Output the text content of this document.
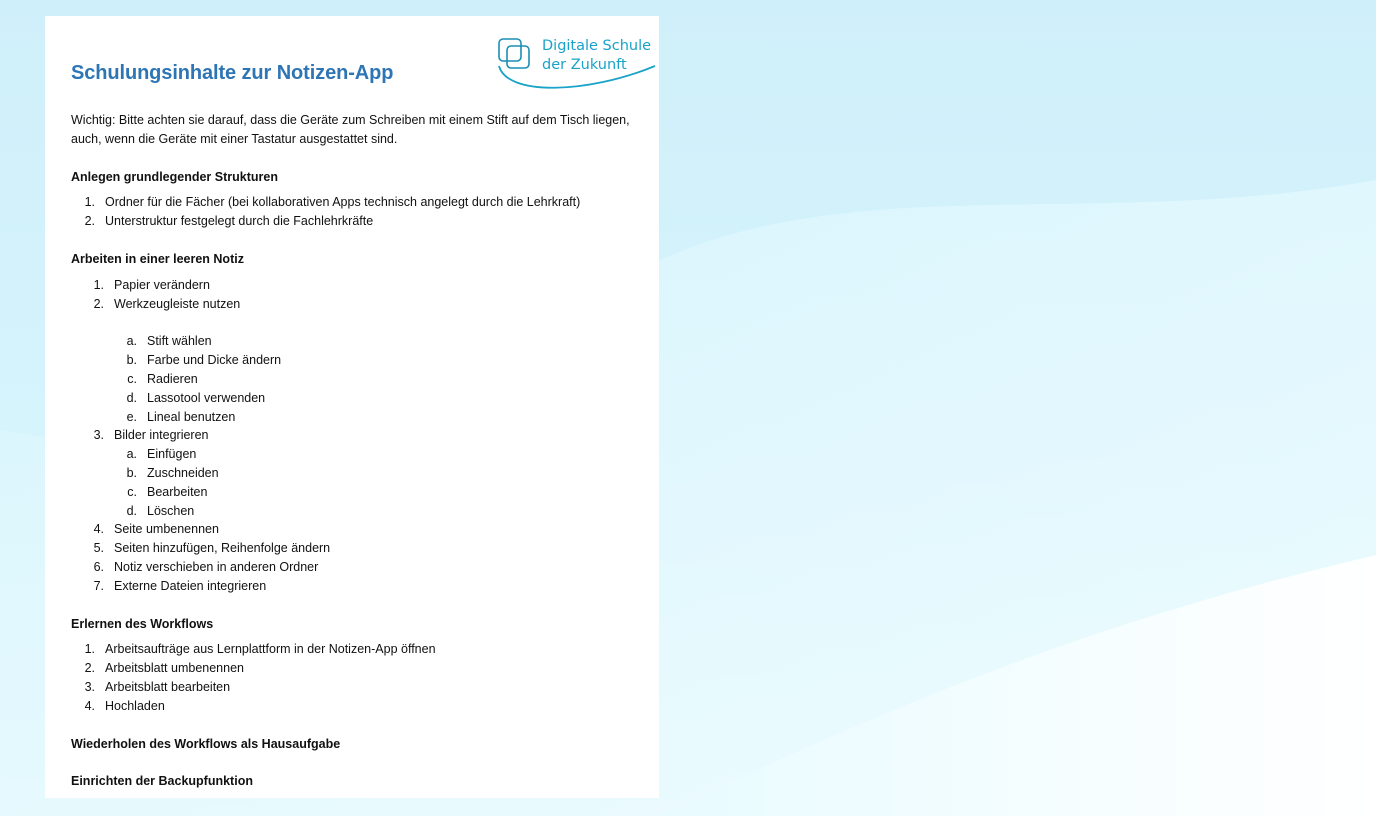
Schulungsinhalte zur Notizen-App
Digitale Schule
der Zukunft

Wichtig: Bitte achten sie darauf, dass die Geräte zum Schreiben mit einem Stift auf dem Tisch liegen, auch, wenn die Geräte mit einer Tastatur ausgestattet sind.

Anlegen grundlegender Strukturen
1. Ordner für die Fächer (bei kollaborativen Apps technisch angelegt durch die Lehrkraft)
2. Unterstruktur festgelegt durch die Fachlehrkräfte
Arbeiten in einer leeren Notiz
1. Papier verändern
2. Werkzeugleiste nutzen
a. Stift wählen
b. Farbe und Dicke ändern
c. Radieren
d. Lassotool verwenden
e. Lineal benutzen
3. Bilder integrieren
a. Einfügen
b. Zuschneiden
c. Bearbeiten
d. Löschen
4. Seite umbenennen
5. Seiten hinzufügen, Reihenfolge ändern
6. Notiz verschieben in anderen Ordner
7. Externe Dateien integrieren
Erlernen des Workflows
1. Arbeitsaufträge aus Lernplattform in der Notizen-App öffnen
2. Arbeitsblatt umbenennen
3. Arbeitsblatt bearbeiten
4. Hochladen
Wiederholen des Workflows als Hausaufgabe
Einrichten der Backupfunktion
